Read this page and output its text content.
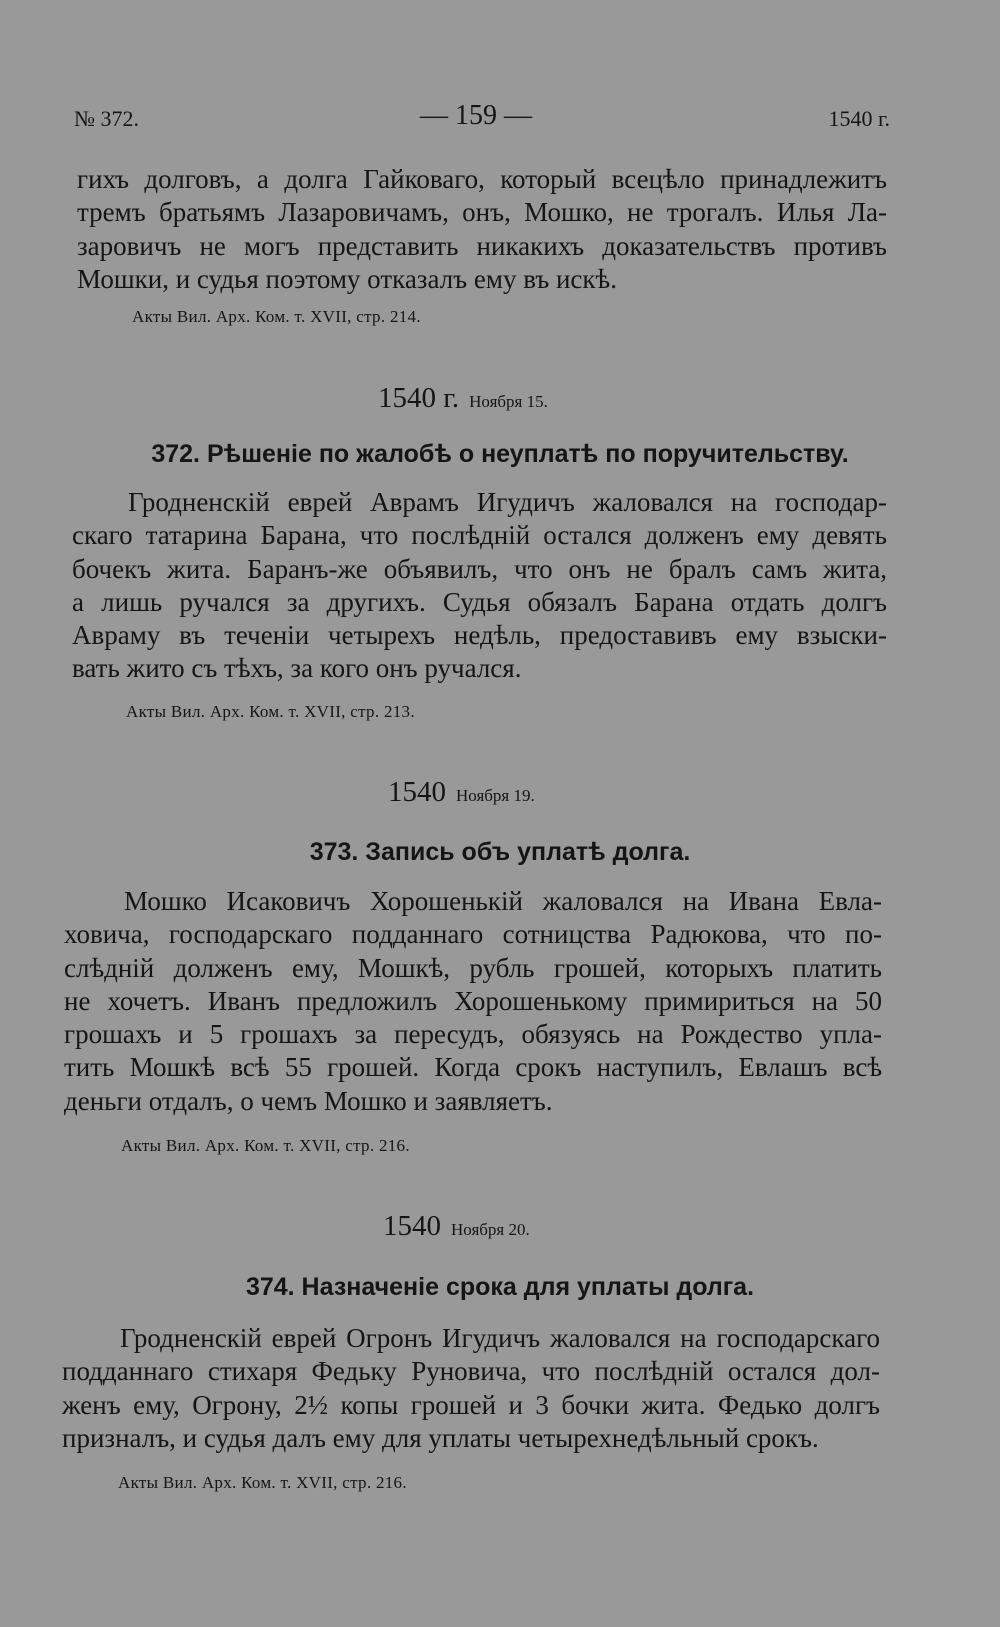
№ 372.	— 159 —	1540 г.
гихъ долговъ, а долга Гайковаго, который всецѣло принадлежитъ
тремъ братьямъ Лазаровичамъ, онъ, Мошко, не трогалъ. Илья Ла-
заровичъ не могъ представить никакихъ доказательствъ противъ
Мошки, и судья поэтому отказалъ ему въ искѣ.
Акты Вил. Арх. Ком. т. XVII, стр. 214.
1540 г. Ноября 15.
372. Рѣшеніе по жалобѣ о неуплатѣ по поручительству.
Гродненскій еврей Аврамъ Игудичъ жаловался на господар-
скаго татарина Барана, что послѣдній остался долженъ ему девять
бочекъ жита. Баранъ-же объявилъ, что онъ не бралъ самъ жита,
а лишь ручался за другихъ. Судья обязалъ Барана отдать долгъ
Авраму въ теченіи четырехъ недѣль, предоставивъ ему взыски-
вать жито съ тѣхъ, за кого онъ ручался.
Акты Вил. Арх. Ком. т. XVII, стр. 213.
1540 Ноября 19.
373. Запись объ уплатѣ долга.
Мошко Исаковичъ Хорошенькій жаловался на Ивана Евла-
ховича, господарскаго подданнаго сотницства Радюкова, что по-
слѣдній долженъ ему, Мошкѣ, рубль грошей, которыхъ платить
не хочетъ. Иванъ предложилъ Хорошенькому примириться на 50
грошахъ и 5 грошахъ за пересудъ, обязуясь на Рождество упла-
тить Мошкѣ всѣ 55 грошей. Когда срокъ наступилъ, Евлашъ всѣ
деньги отдалъ, о чемъ Мошко и заявляетъ.
Акты Вил. Арх. Ком. т. XVII, стр. 216.
1540 Ноября 20.
374. Назначеніе срока для уплаты долга.
Гродненскій еврей Огронъ Игудичъ жаловался на господарскаго
подданнаго стихаря Федьку Руновича, что послѣдній остался дол-
женъ ему, Огрону, 2½ копы грошей и 3 бочки жита. Федько долгъ
призналъ, и судья далъ ему для уплаты четырехнедѣльный срокъ.
Акты Вил. Арх. Ком. т. XVII, стр. 216.
